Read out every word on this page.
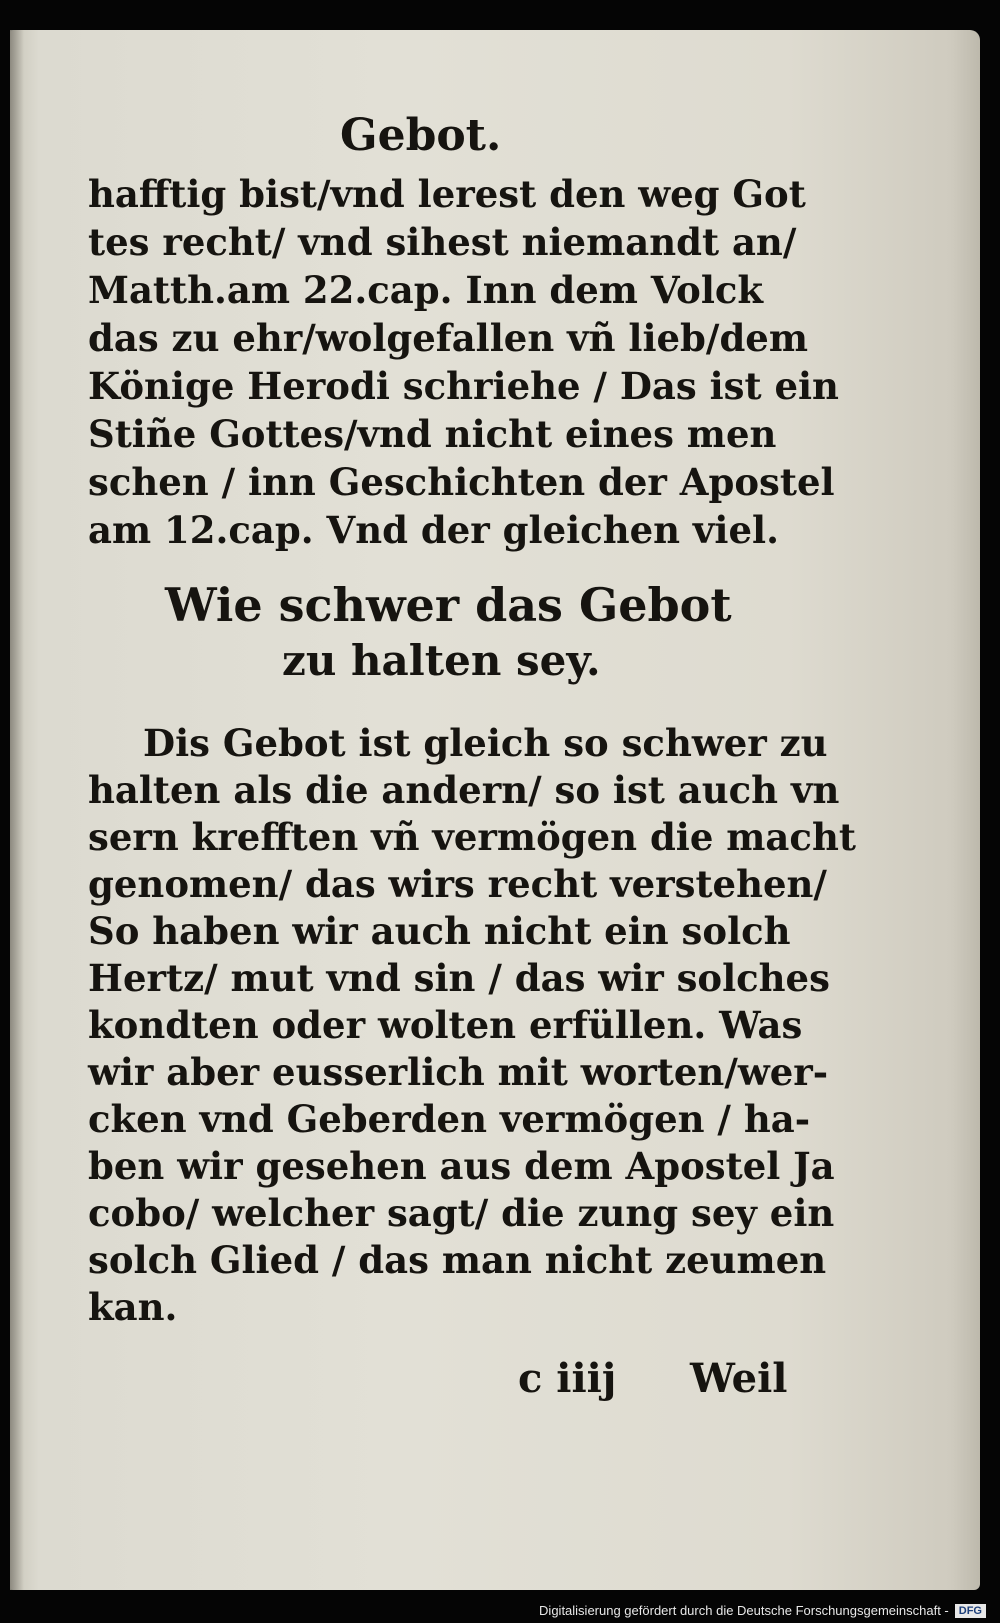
Gebot.
hafftig bist/vnd lerest den weg Got
tes recht/ vnd sihest niemandt an/
Matth.am 22.cap. Inn dem Volck
das zu ehr/wolgefallen vñ lieb/dem
Könige Herodi schriehe / Das ist ein
Stiñe Gottes/vnd nicht eines men
schen / inn Geschichten der Apostel
am 12.cap. Vnd der gleichen viel.
Wie schwer das Gebot
zu halten sey.
Dis Gebot ist gleich so schwer zu
halten als die andern/ so ist auch vn
sern krefften vñ vermögen die macht
genomen/ das wirs recht verstehen/
So haben wir auch nicht ein solch
Hertz/ mut vnd sin / das wir solches
kondten oder wolten erfüllen. Was
wir aber eusserlich mit worten/wer-
cken vnd Geberden vermögen / ha-
ben wir gesehen aus dem Apostel Ja
cobo/ welcher sagt/ die zung sey ein
solch Glied / das man nicht zeumen
kan.
c iiij Weil
Digitalisierung gefördert durch die Deutsche Forschungsgemeinschaft - DFG
